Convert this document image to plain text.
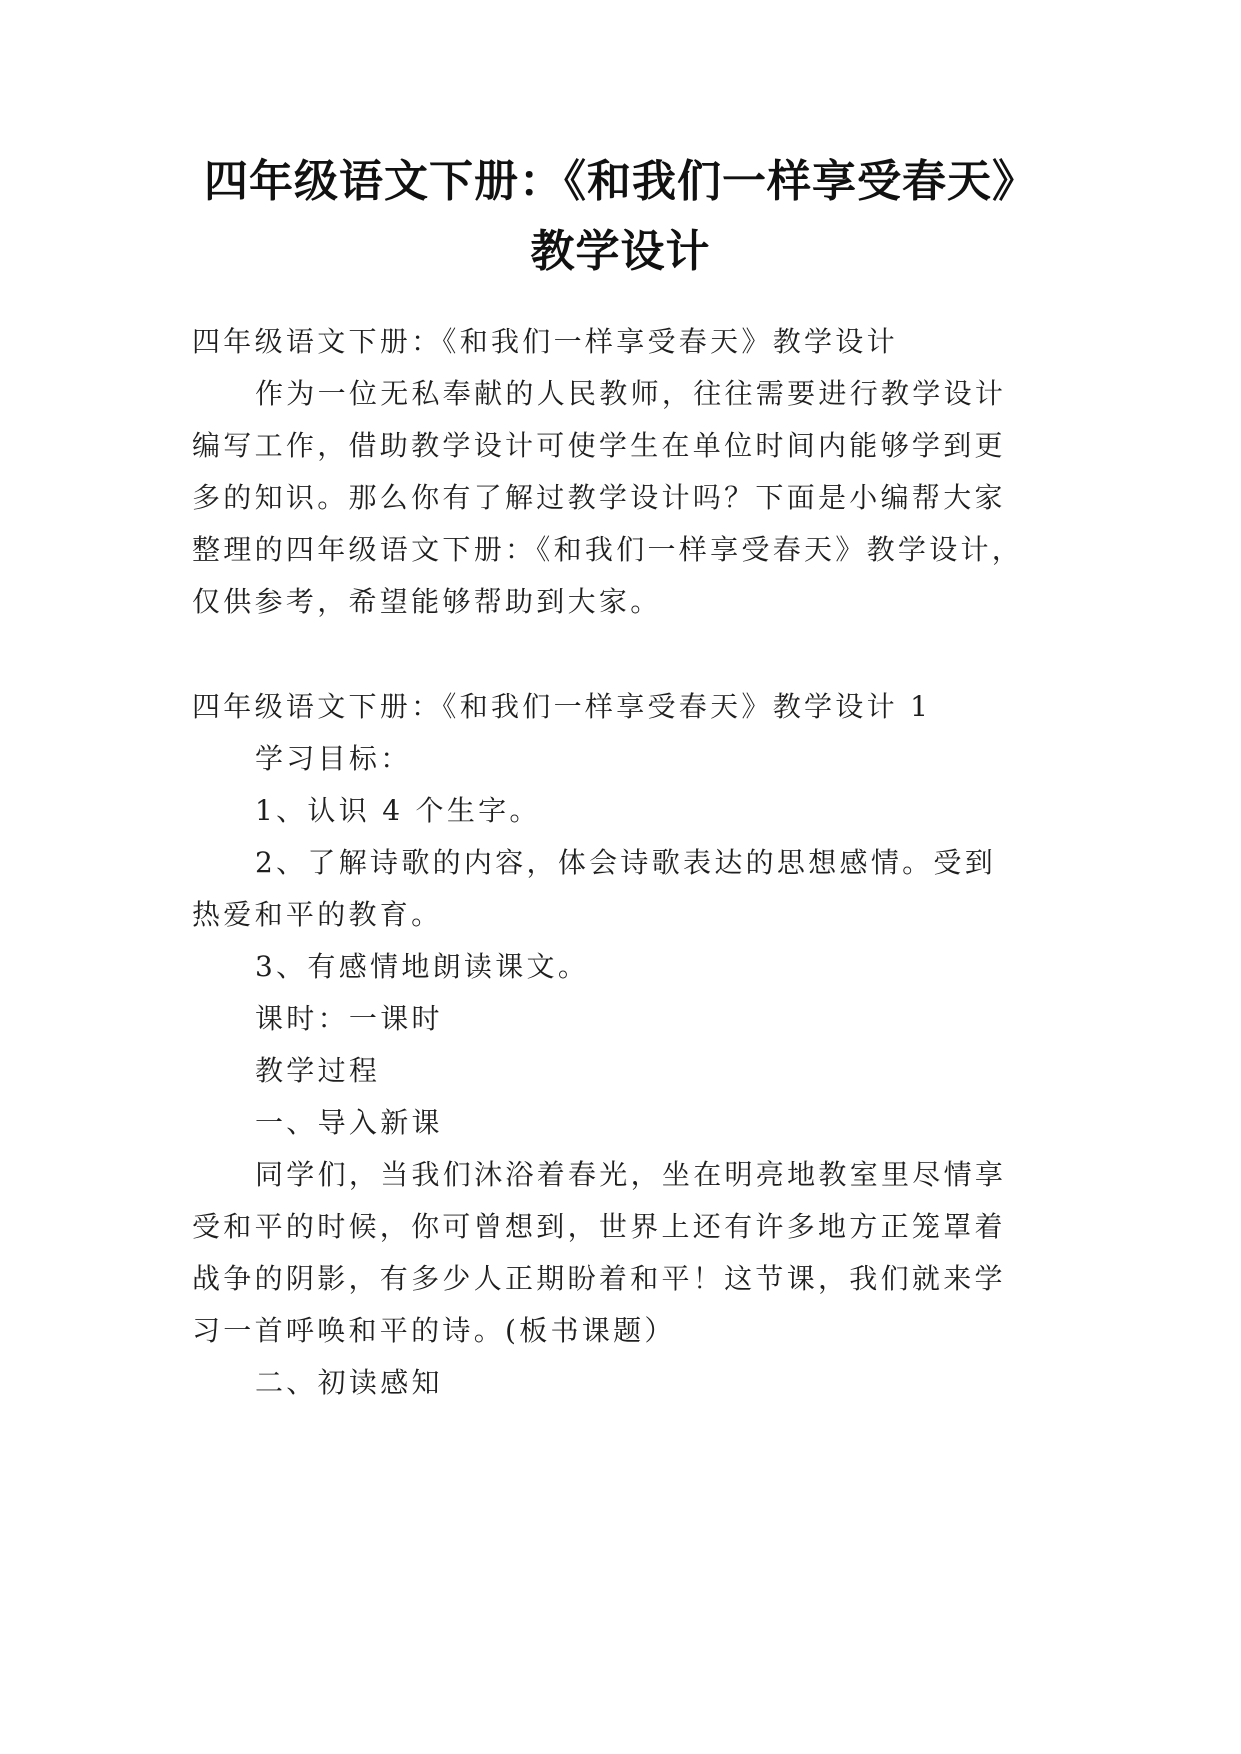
四年级语文下册：《和我们一样享受春天》
教学设计
四年级语文下册：《和我们一样享受春天》教学设计
作为一位无私奉献的人民教师，往往需要进行教学设计
编写工作，借助教学设计可使学生在单位时间内能够学到更
多的知识。那么你有了解过教学设计吗？下面是小编帮大家
整理的四年级语文下册：《和我们一样享受春天》教学设计，
仅供参考，希望能够帮助到大家。
四年级语文下册：《和我们一样享受春天》教学设计 1
学习目标：
1、认识 4 个生字。
2、了解诗歌的内容，体会诗歌表达的思想感情。受到
热爱和平的教育。
3、有感情地朗读课文。
课时：一课时
教学过程
一、导入新课
同学们，当我们沐浴着春光，坐在明亮地教室里尽情享
受和平的时候，你可曾想到，世界上还有许多地方正笼罩着
战争的阴影，有多少人正期盼着和平！这节课，我们就来学
习一首呼唤和平的诗。(板书课题）
二、初读感知
